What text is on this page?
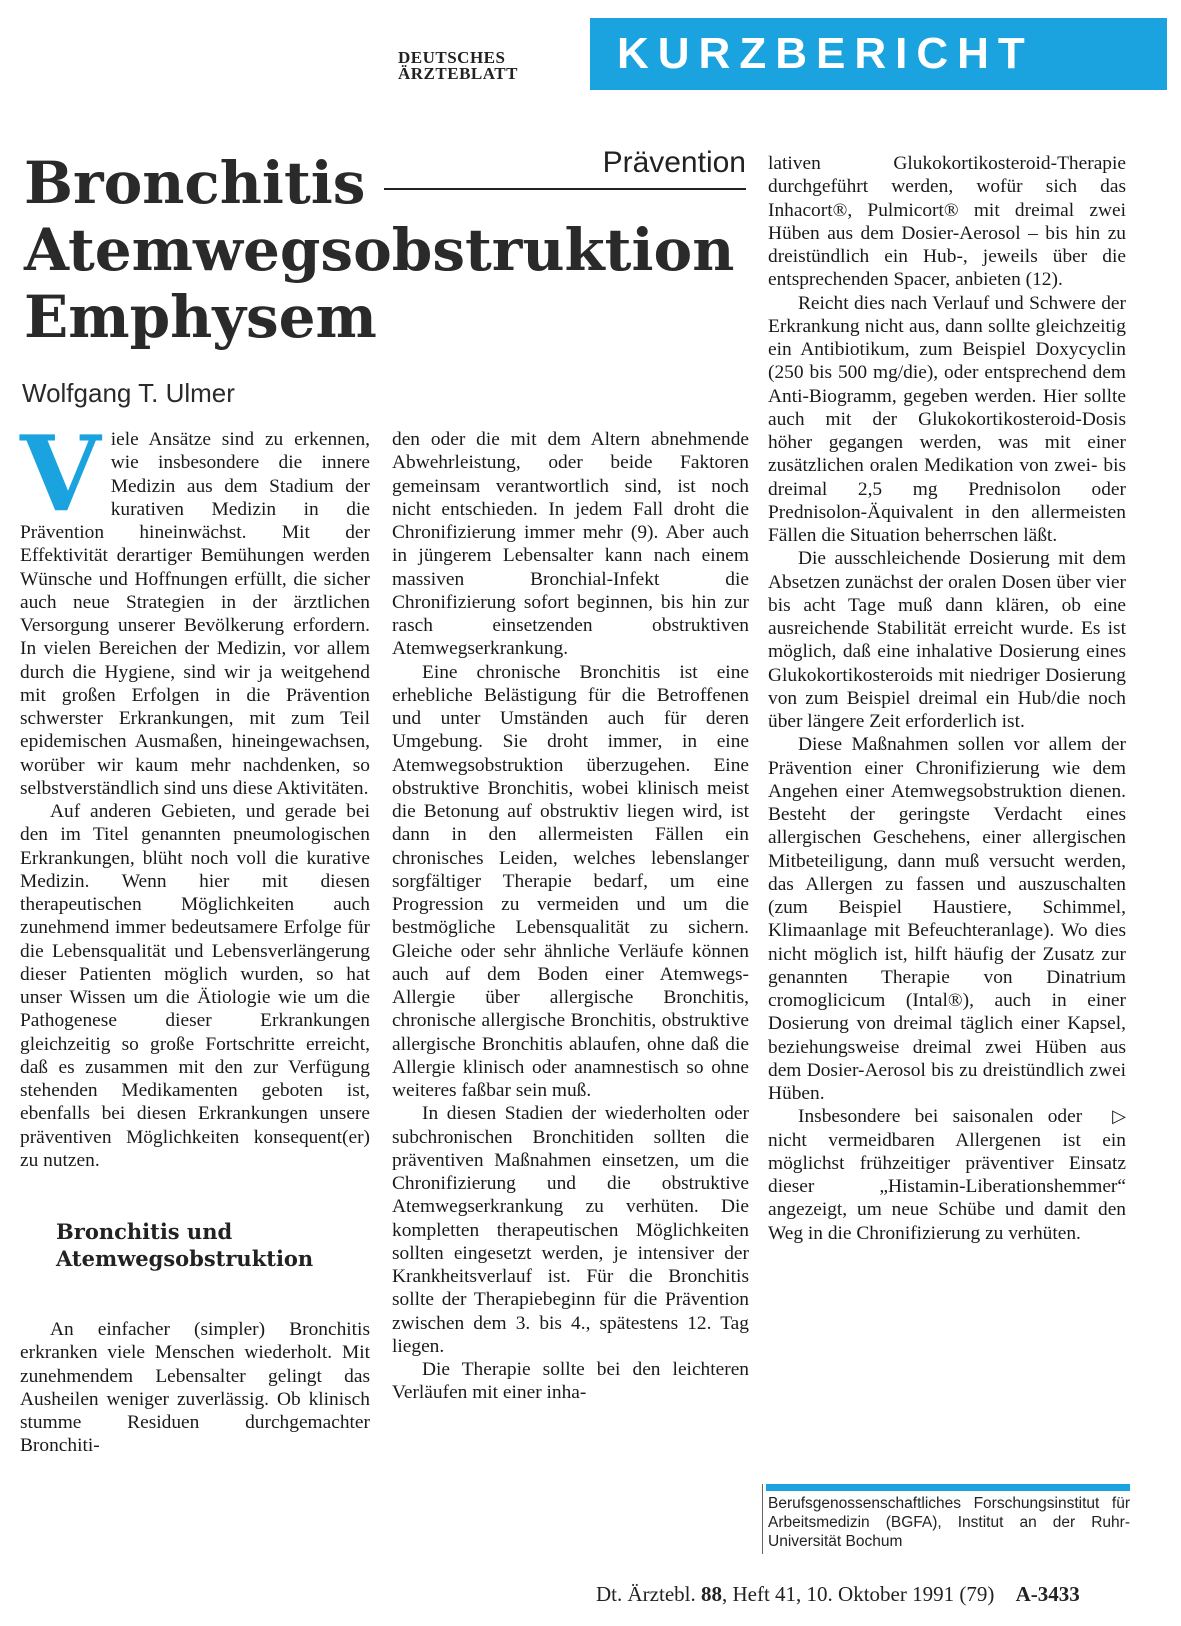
DEUTSCHES
ÄRZTEBLATT	KURZBERICHT
Prävention
Bronchitis
Atemwegsobstruktion
Emphysem
Wolfgang T. Ulmer

Viele Ansätze sind zu erkennen, wie insbesondere die innere Medizin aus dem Stadium der kurativen Medizin in die Prävention hineinwächst. Mit der Effektivität derartiger Bemühungen werden Wünsche und Hoffnungen erfüllt, die sicher auch neue Strategien in der ärztlichen Versorgung unserer Bevölkerung erfordern. In vielen Bereichen der Medizin, vor allem durch die Hygiene, sind wir ja weitgehend mit großen Erfolgen in die Prävention schwerster Erkrankungen, mit zum Teil epidemischen Ausmaßen, hineingewachsen, worüber wir kaum mehr nachdenken, so selbstverständlich sind uns diese Aktivitäten.

Auf anderen Gebieten, und gerade bei den im Titel genannten pneumologischen Erkrankungen, blüht noch voll die kurative Medizin. Wenn hier mit diesen therapeutischen Möglichkeiten auch zunehmend immer bedeutsamere Erfolge für die Lebensqualität und Lebensverlängerung dieser Patienten möglich wurden, so hat unser Wissen um die Ätiologie wie um die Pathogenese dieser Erkrankungen gleichzeitig so große Fortschritte erreicht, daß es zusammen mit den zur Verfügung stehenden Medikamenten geboten ist, ebenfalls bei diesen Erkrankungen unsere präventiven Möglichkeiten konsequent(er) zu nutzen.

Bronchitis und
Atemwegsobstruktion

An einfacher (simpler) Bronchitis erkranken viele Menschen wiederholt. Mit zunehmendem Lebensalter gelingt das Ausheilen weniger zuverlässig. Ob klinisch stumme Residuen durchgemachter Bronchiti-

den oder die mit dem Altern abnehmende Abwehrleistung, oder beide Faktoren gemeinsam verantwortlich sind, ist noch nicht entschieden. In jedem Fall droht die Chronifizierung immer mehr (9). Aber auch in jüngerem Lebensalter kann nach einem massiven Bronchial-Infekt die Chronifizierung sofort beginnen, bis hin zur rasch einsetzenden obstruktiven Atemwegserkrankung.

Eine chronische Bronchitis ist eine erhebliche Belästigung für die Betroffenen und unter Umständen auch für deren Umgebung. Sie droht immer, in eine Atemwegsobstruktion überzugehen. Eine obstruktive Bronchitis, wobei klinisch meist die Betonung auf obstruktiv liegen wird, ist dann in den allermeisten Fällen ein chronisches Leiden, welches lebenslanger sorgfältiger Therapie bedarf, um eine Progression zu vermeiden und um die bestmögliche Lebensqualität zu sichern. Gleiche oder sehr ähnliche Verläufe können auch auf dem Boden einer Atemwegs-Allergie über allergische Bronchitis, chronische allergische Bronchitis, obstruktive allergische Bronchitis ablaufen, ohne daß die Allergie klinisch oder anamnestisch so ohne weiteres faßbar sein muß.

In diesen Stadien der wiederholten oder subchronischen Bronchitiden sollten die präventiven Maßnahmen einsetzen, um die Chronifizierung und die obstruktive Atemwegserkrankung zu verhüten. Die kompletten therapeutischen Möglichkeiten sollten eingesetzt werden, je intensiver der Krankheitsverlauf ist. Für die Bronchitis sollte der Therapiebeginn für die Prävention zwischen dem 3. bis 4., spätestens 12. Tag liegen.

Die Therapie sollte bei den leichteren Verläufen mit einer inha-

lativen Glukokortikosteroid-Therapie durchgeführt werden, wofür sich das Inhacort®, Pulmicort® mit dreimal zwei Hüben aus dem Dosier-Aerosol – bis hin zu dreistündlich ein Hub-, jeweils über die entsprechenden Spacer, anbieten (12).

Reicht dies nach Verlauf und Schwere der Erkrankung nicht aus, dann sollte gleichzeitig ein Antibiotikum, zum Beispiel Doxycyclin (250 bis 500 mg/die), oder entsprechend dem Anti-Biogramm, gegeben werden. Hier sollte auch mit der Glukokortikosteroid-Dosis höher gegangen werden, was mit einer zusätzlichen oralen Medikation von zwei- bis dreimal 2,5 mg Prednisolon oder Prednisolon-Äquivalent in den allermeisten Fällen die Situation beherrschen läßt.

Die ausschleichende Dosierung mit dem Absetzen zunächst der oralen Dosen über vier bis acht Tage muß dann klären, ob eine ausreichende Stabilität erreicht wurde. Es ist möglich, daß eine inhalative Dosierung eines Glukokortikosteroids mit niedriger Dosierung von zum Beispiel dreimal ein Hub/die noch über längere Zeit erforderlich ist.

Diese Maßnahmen sollen vor allem der Prävention einer Chronifizierung wie dem Angehen einer Atemwegsobstruktion dienen. Besteht der geringste Verdacht eines allergischen Geschehens, einer allergischen Mitbeteiligung, dann muß versucht werden, das Allergen zu fassen und auszuschalten (zum Beispiel Haustiere, Schimmel, Klimaanlage mit Befeuchteranlage). Wo dies nicht möglich ist, hilft häufig der Zusatz zur genannten Therapie von Dinatrium cromoglicicum (Intal®), auch in einer Dosierung von dreimal täglich einer Kapsel, beziehungsweise dreimal zwei Hüben aus dem Dosier-Aerosol bis zu dreistündlich zwei Hüben.

▷
Insbesondere bei saisonalen oder nicht vermeidbaren Allergenen ist ein möglichst frühzeitiger präventiver Einsatz dieser „Histamin-Liberationshemmer“ angezeigt, um neue Schübe und damit den Weg in die Chronifizierung zu verhüten.

Berufsgenossenschaftliches Forschungsinstitut für Arbeitsmedizin (BGFA), Institut an der Ruhr-Universität Bochum
Dt. Ärztebl. 88, Heft 41, 10. Oktober 1991 (79) A-3433
